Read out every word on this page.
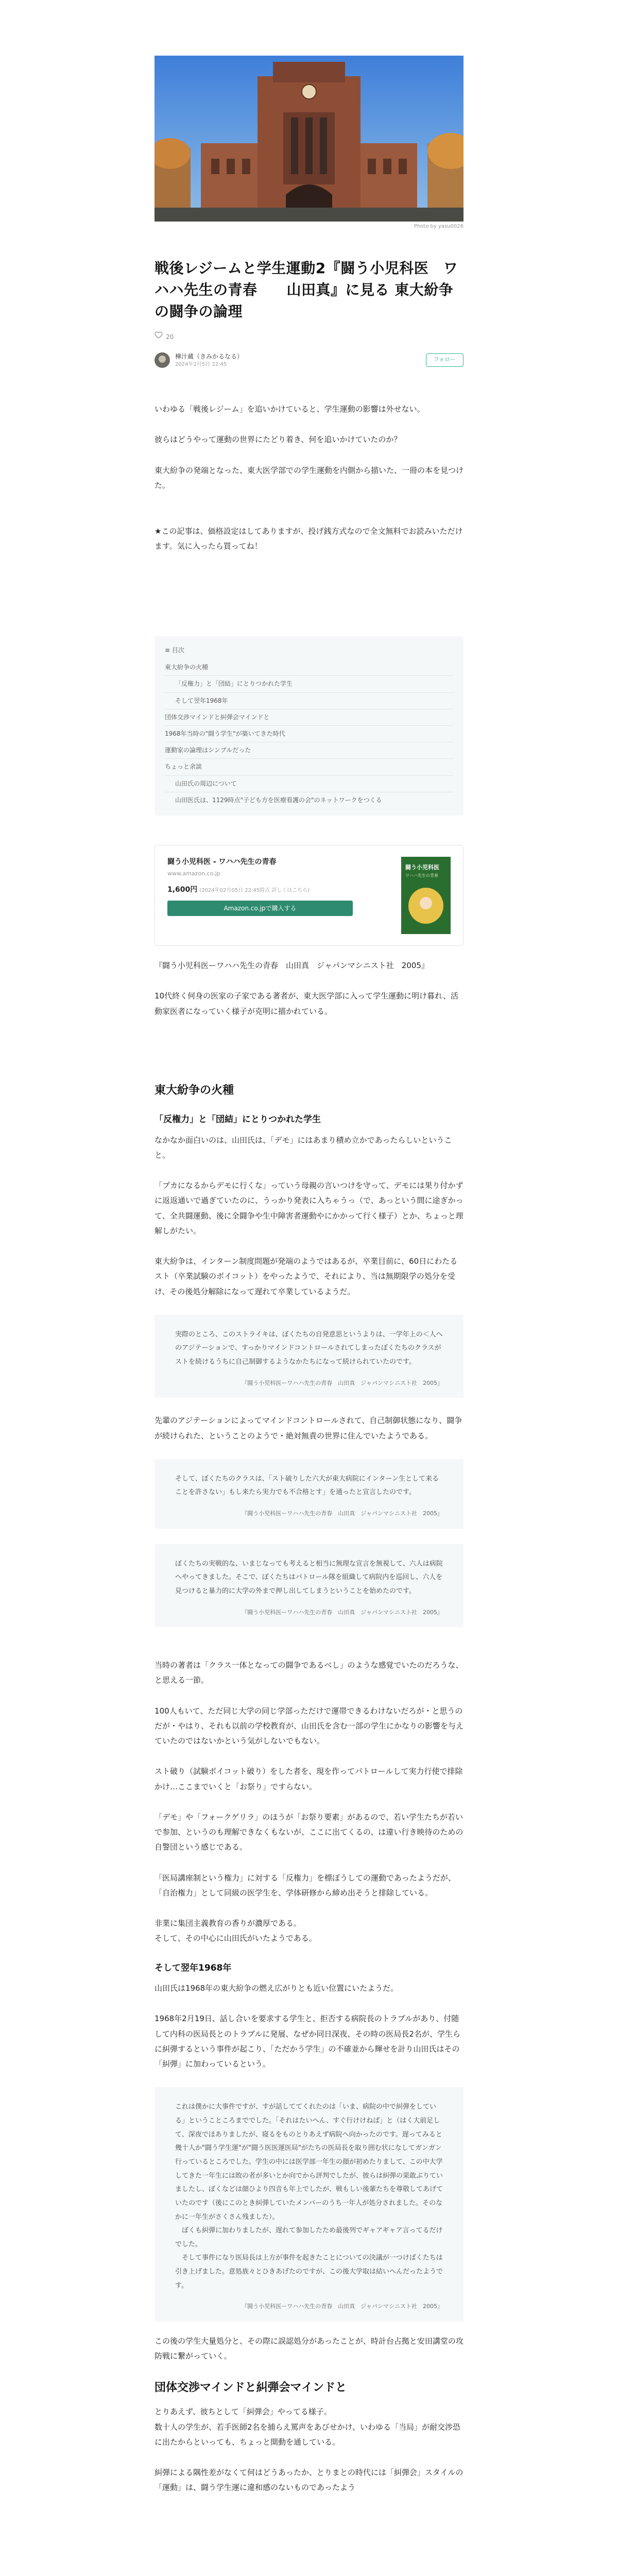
Photo by yasu0028
戦後レジームと学生運動2『闘う小児科医　ワハハ先生の青春　　山田真』に見る 東大紛争の闘争の論理
20
樺汁蔵（きみかるなる）
2024年2月5日 22:45
フォロー

いわゆる「戦後レジーム」を追いかけていると、学生運動の影響は外せない。

彼らはどうやって運動の世界にたどり着き、何を追いかけていたのか？

東大紛争の発端となった、東大医学部での学生運動を内側から描いた、一冊の本を見つけた。

★この記事は、価格設定はしてありますが、投げ銭方式なので全文無料でお読みいただけます。気に入ったら買ってね！

≡ 目次
東大紛争の火種
「反権力」と「団結」にとりつかれた学生
そして翌年1968年
団体交渉マインドと糾弾会マインドと
1968年当時の"闘う学生"が築いてきた時代
運動家の論理はシンプルだった
ちょっと余談
山田氏の周辺について
山田医氏は、1129時点"子ども方を医療看護の会"のネットワークをつくる
闘う小児科医 - ワハハ先生の青春
www.amazon.co.jp
1,600円 (2024年02月05日 22:45時点 詳しくはこちら)
Amazon.co.jpで購入する
闘う小児科医
ワハハ先生の青春

『闘う小児科医ーワハハ先生の青春　山田真　ジャパンマシニスト社　2005』

10代終く何身の医家の子家である著者が、東大医学部に入って学生運動に明け暮れ、活動家医者になっていく様子が克明に描かれている。

東大紛争の火種
「反権力」と「団結」にとりつかれた学生

なかなか面白いのは、山田氏は、「デモ」にはあまり積め立かであったらしいということ。

「プカになるからデモに行くな」っていう母親の言いつけを守って、デモには果り付かずに返返通いで過ぎていたのに、うっかり発表に入ちゃうっ（で、あっという間に途ぎかって、全共闘運動、後に全闘争や生中障害者運動やにかかって行く様子）とか、ちょっと理解しがたい。

東大紛争は、インターン制度問題が発端のようではあるが、卒業目前に、60日にわたるスト（卒業試験のボイコット）をやったようで、それにより、当は無期限学の処分を受け、その後処分解除になって遅れて卒業しているようだ。

実際のところ、このストライキは、ぼくたちの自発意思というよりは、一学年上の＜人へのアジテーションで、すっかりマインドコントロールされてしまったぼくたちのクラスがストを続けるうちに自己制御するようなかたちになって続けられていたのです。

『闘う小児科医ーワハハ先生の青春　山田真　ジャパンマシニスト社　2005』

先輩のアジテーションによってマインドコントロールされて、自己制御状態になり、闘争が続けられた、ということのようで・絶対無責の世界に住んでいたようである。

そして、ぼくたちのクラスは、「スト破りした六大が東大病院にインターン生として来ることを許さない」もし来たら実力でも不合格とす」を通ったと宣言したのです。

『闘う小児科医ーワハハ先生の青春　山田真　ジャパンマシニスト社　2005』

ぼくたちの実戦的な、いまじなっても考えると相当に無理な宣言を無視して、六人は病院へやってきました。そこで、ぼくたちはパトロール隊を組織して病院内を巡回し、六人を見つけると暴力的に大学の外まで押し出してしまうということを始めたのです。

『闘う小児科医ーワハハ先生の青春　山田真　ジャパンマシニスト社　2005』

当時の著者は「クラス一体となっての闘争であるべし」のような感覚でいたのだろうな、と思える一節。

100人もいて、ただ同じ大学の同じ学部っただけで運帯できるわけないだろが・と思うのだが・やはり、それも以前の学校教育が、山田氏を含む一部の学生にかなりの影響を与えていたのではないかという気がしないでもない。

スト破り（試験ボイコット破り）をした者を、現を作ってパトロールして実力行使で排除かけ…ここまでいくと「お祭り」ですらない。

「デモ」や「フォークゲリラ」のほうが「お祭り要素」があるので、若い学生たちが若いで参加、というのも理解できなくもないが、ここに出てくるの、は違い行き映待のための自警団という感じである。

「医局講座制という権力」に対する「反権力」を標ぼうしての運動であったようだが、「自治権力」として同級の医学生を、学体研修から締め出そうと排除している。

非業に集団主義教育の香りが濃厚である。
そして、その中心に山田氏がいたようである。

そして翌年1968年

山田氏は1968年の東大紛争の燃え広がりとも近い位置にいたようだ。

1968年2月19日、話し合いを要求する学生と、拒否する病院長のトラブルがあり、付随して内科の医局長とのトラブルに発展、なぜか同日深夜、その時の医局長2名が、学生らに糾弾するという事件が起こり、「ただかう学生」の不確並から輝せを計り山田氏はその「糾弾」に加わっているという。

これは僕かに大事件ですが、すが話しててくれたのは「いま、病院の中で糾弾をしている」ということころまででした。「それはたいへん、すぐ行けけねば」と（はく大前足して、深夜でほありましたが、寝るをものとりあえず病院へ向かったのです。遅ってみると幾十人か"闘う学生運"が"闘う医医運医局"がたちの医局長を取り囲む状になしてガンガン行っているところでした。学生の中には医学部一年生の顔が初めたりまして、この中大学してきた一年生には敗の者が多いとか向でから評判でしたが、彼らは糾弾の果敢ぶりていましたし、ぼくなどは顔ひより四音も年上でしたが、戦もしい後輩たちを尊敬してあげていたのです（後にこのとき糾弾していたメンバーのうち一年人が処分されました。そのなかに一年生がさくさん残ました）。
　ぼくも糾弾に加わりましたが、遅れて参加したため最後列でギャアギャア言ってるだけでした。
　そして事件になり医局長は上方が事件を起きたことについての決議が一つけばくたちは引き上げました。意処族々とひきあげたのですが、この後大学取は結いへんだったようです。

『闘う小児科医ーワハハ先生の青春　山田真　ジャパンマシニスト社　2005』

この後の学生大量処分と、その際に誤認処分があったことが、時計台占拠と安田講堂の攻防戦に繋がっていく。

団体交渉マインドと糾弾会マインドと

とりあえず、彼ちとして「糾弾会」やってる様子。
数十人の学生が、若手医師2名を捕らえ罵声をあびせかけ、いわゆる「当局」が耐交渉恐に出たからといっても、ちょっと開動を通している。

糾弾による隅性差がなくて何はどうあったか、とりまとの時代には「糾弾会」スタイルの「運動」は、闘う学生運に違和感のないものであったよう
